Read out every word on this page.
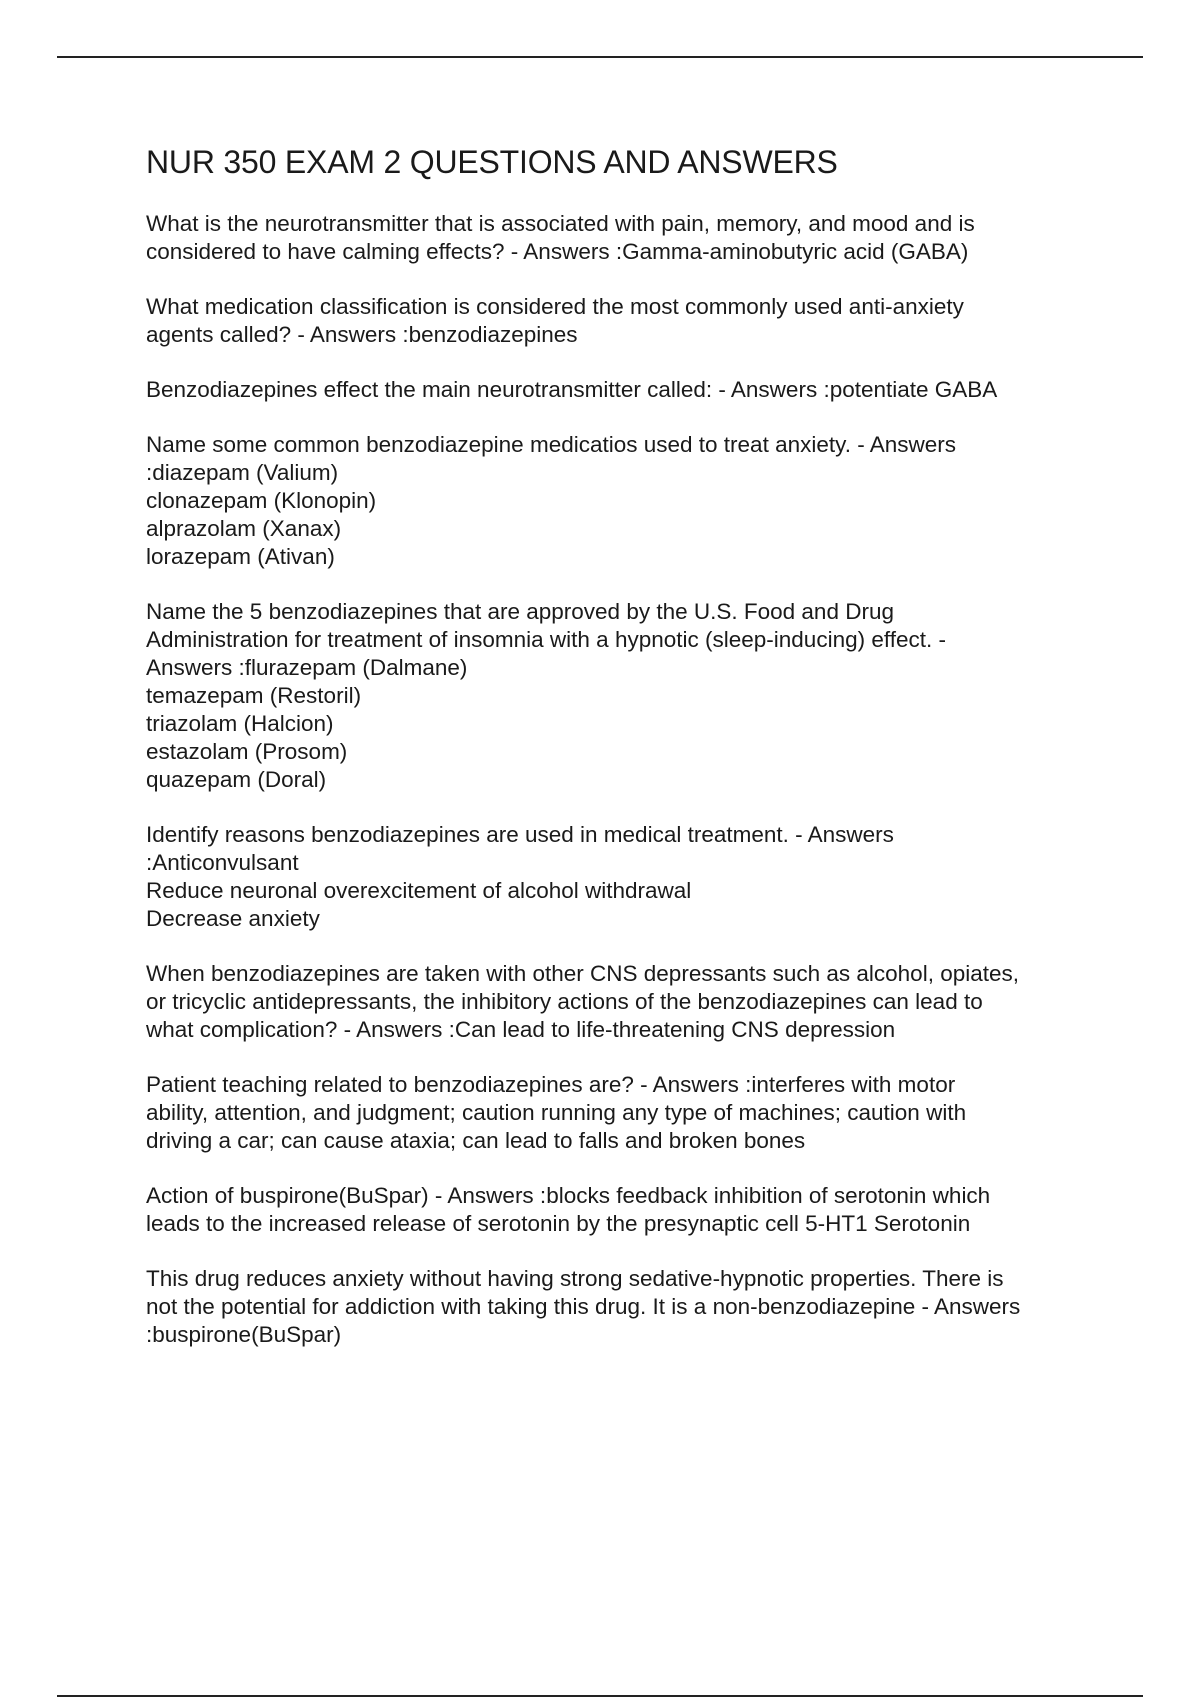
NUR 350 EXAM 2 QUESTIONS AND ANSWERS

What is the neurotransmitter that is associated with pain, memory, and mood and is
considered to have calming effects? - Answers :Gamma-aminobutyric acid (GABA)

What medication classification is considered the most commonly used anti-anxiety
agents called? - Answers :benzodiazepines

Benzodiazepines effect the main neurotransmitter called: - Answers :potentiate GABA

Name some common benzodiazepine medicatios used to treat anxiety. - Answers
:diazepam (Valium)
clonazepam (Klonopin)
alprazolam (Xanax)
lorazepam (Ativan)

Name the 5 benzodiazepines that are approved by the U.S. Food and Drug
Administration for treatment of insomnia with a hypnotic (sleep-inducing) effect. -
Answers :flurazepam (Dalmane)
temazepam (Restoril)
triazolam (Halcion)
estazolam (Prosom)
quazepam (Doral)

Identify reasons benzodiazepines are used in medical treatment. - Answers
:Anticonvulsant
Reduce neuronal overexcitement of alcohol withdrawal
Decrease anxiety

When benzodiazepines are taken with other CNS depressants such as alcohol, opiates,
or tricyclic antidepressants, the inhibitory actions of the benzodiazepines can lead to
what complication? - Answers :Can lead to life-threatening CNS depression

Patient teaching related to benzodiazepines are? - Answers :interferes with motor
ability, attention, and judgment; caution running any type of machines; caution with
driving a car; can cause ataxia; can lead to falls and broken bones

Action of buspirone(BuSpar) - Answers :blocks feedback inhibition of serotonin which
leads to the increased release of serotonin by the presynaptic cell 5-HT1 Serotonin

This drug reduces anxiety without having strong sedative-hypnotic properties. There is
not the potential for addiction with taking this drug. It is a non-benzodiazepine - Answers
:buspirone(BuSpar)
